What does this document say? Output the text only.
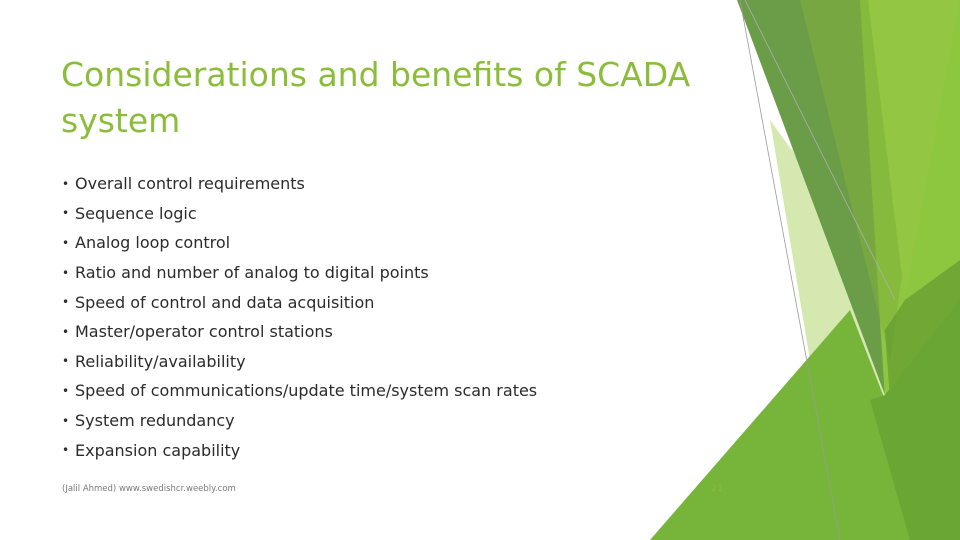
Considerations and benefits of SCADA system
• Overall control requirements
• Sequence logic
• Analog loop control
• Ratio and number of analog to digital points
• Speed of control and data acquisition
• Master/operator control stations
• Reliability/availability
• Speed of communications/update time/system scan rates
• System redundancy
• Expansion capability
(Jalil Ahmed) www.swedishcr.weebly.com	21
